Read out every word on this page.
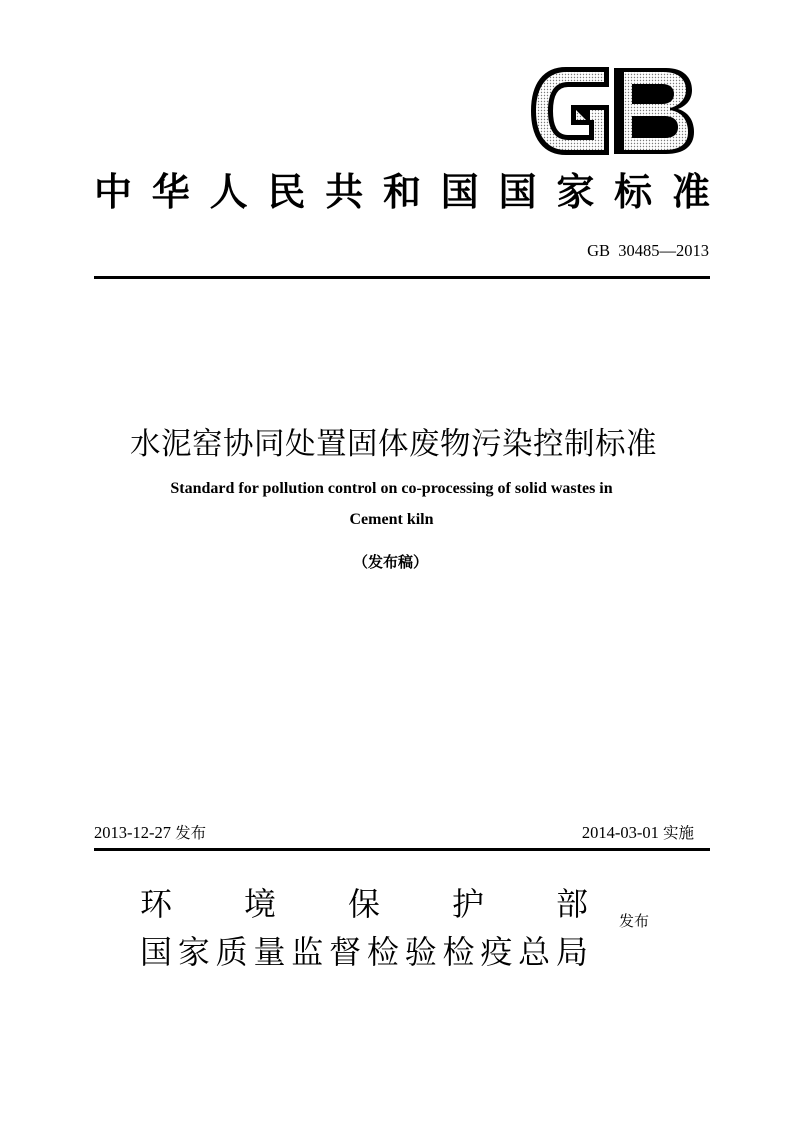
中 华 人 民 共 和 国 国 家 标 准
GB  30485—2013
水泥窑协同处置固体废物污染控制标准
Standard for pollution control on co-processing of solid wastes in
Cement kiln
（发布稿）
2013-12-27 发布	2014-03-01 实施
环 境 保 护 部
国 家 质 量 监 督 检 验 检 疫 总 局
发布
